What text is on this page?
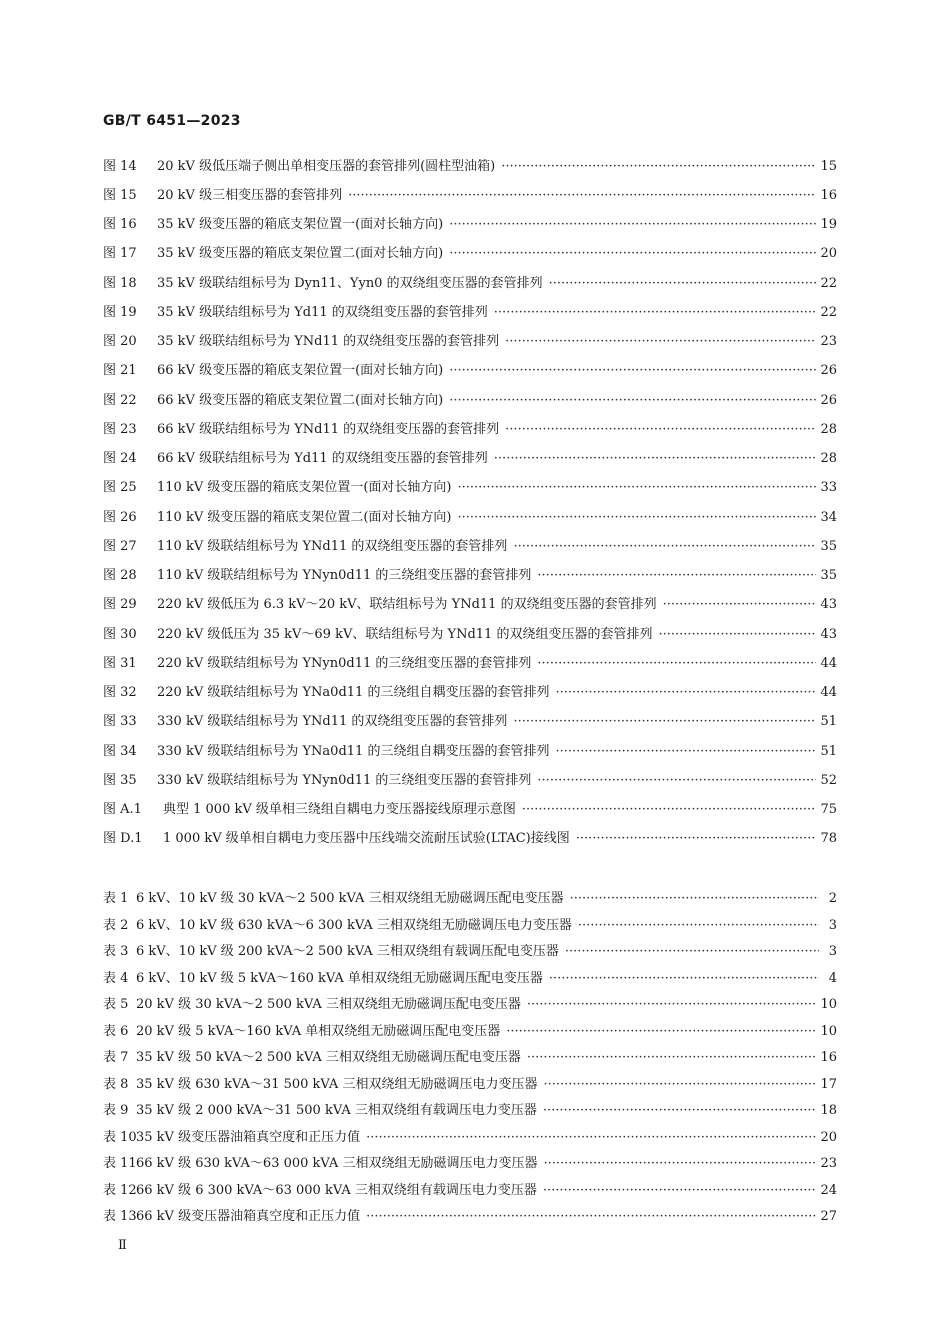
GB/T 6451—2023
图 14	20 kV 级低压端子侧出单相变压器的套管排列(圆柱型油箱) ·····	15
图 15	20 kV 级三相变压器的套管排列 ·····	16
图 16	35 kV 级变压器的箱底支架位置一(面对长轴方向) ·····	19
图 17	35 kV 级变压器的箱底支架位置二(面对长轴方向) ·····	20
图 18	35 kV 级联结组标号为 Dyn11、Yyn0 的双绕组变压器的套管排列 ·····	22
图 19	35 kV 级联结组标号为 Yd11 的双绕组变压器的套管排列 ·····	22
图 20	35 kV 级联结组标号为 YNd11 的双绕组变压器的套管排列 ·····	23
图 21	66 kV 级变压器的箱底支架位置一(面对长轴方向) ·····	26
图 22	66 kV 级变压器的箱底支架位置二(面对长轴方向) ·····	26
图 23	66 kV 级联结组标号为 YNd11 的双绕组变压器的套管排列 ·····	28
图 24	66 kV 级联结组标号为 Yd11 的双绕组变压器的套管排列 ·····	28
图 25	110 kV 级变压器的箱底支架位置一(面对长轴方向) ·····	33
图 26	110 kV 级变压器的箱底支架位置二(面对长轴方向) ·····	34
图 27	110 kV 级联结组标号为 YNd11 的双绕组变压器的套管排列 ·····	35
图 28	110 kV 级联结组标号为 YNyn0d11 的三绕组变压器的套管排列 ·····	35
图 29	220 kV 级低压为 6.3 kV～20 kV、联结组标号为 YNd11 的双绕组变压器的套管排列 ·····	43
图 30	220 kV 级低压为 35 kV～69 kV、联结组标号为 YNd11 的双绕组变压器的套管排列 ·····	43
图 31	220 kV 级联结组标号为 YNyn0d11 的三绕组变压器的套管排列 ·····	44
图 32	220 kV 级联结组标号为 YNa0d11 的三绕组自耦变压器的套管排列 ·····	44
图 33	330 kV 级联结组标号为 YNd11 的双绕组变压器的套管排列 ·····	51
图 34	330 kV 级联结组标号为 YNa0d11 的三绕组自耦变压器的套管排列 ·····	51
图 35	330 kV 级联结组标号为 YNyn0d11 的三绕组变压器的套管排列 ·····	52
图 A.1	典型 1 000 kV 级单相三绕组自耦电力变压器接线原理示意图 ·····	75
图 D.1	1 000 kV 级单相自耦电力变压器中压线端交流耐压试验(LTAC)接线图 ·····	78
表 1 6 kV、10 kV 级 30 kVA～2 500 kVA 三相双绕组无励磁调压配电变压器 ·····	2
表 2 6 kV、10 kV 级 630 kVA～6 300 kVA 三相双绕组无励磁调压电力变压器 ·····	3
表 3 6 kV、10 kV 级 200 kVA～2 500 kVA 三相双绕组有载调压配电变压器 ·····	3
表 4 6 kV、10 kV 级 5 kVA～160 kVA 单相双绕组无励磁调压配电变压器 ·····	4
表 5 20 kV 级 30 kVA～2 500 kVA 三相双绕组无励磁调压配电变压器 ·····	10
表 6 20 kV 级 5 kVA～160 kVA 单相双绕组无励磁调压配电变压器 ·····	10
表 7 35 kV 级 50 kVA～2 500 kVA 三相双绕组无励磁调压配电变压器 ·····	16
表 8 35 kV 级 630 kVA～31 500 kVA 三相双绕组无励磁调压电力变压器 ·····	17
表 9 35 kV 级 2 000 kVA～31 500 kVA 三相双绕组有载调压电力变压器 ·····	18
表 10 35 kV 级变压器油箱真空度和正压力值 ·····	20
表 11 66 kV 级 630 kVA～63 000 kVA 三相双绕组无励磁调压电力变压器 ·····	23
表 12 66 kV 级 6 300 kVA～63 000 kVA 三相双绕组有载调压电力变压器 ·····	24
表 13 66 kV 级变压器油箱真空度和正压力值 ·····	27
Ⅱ
